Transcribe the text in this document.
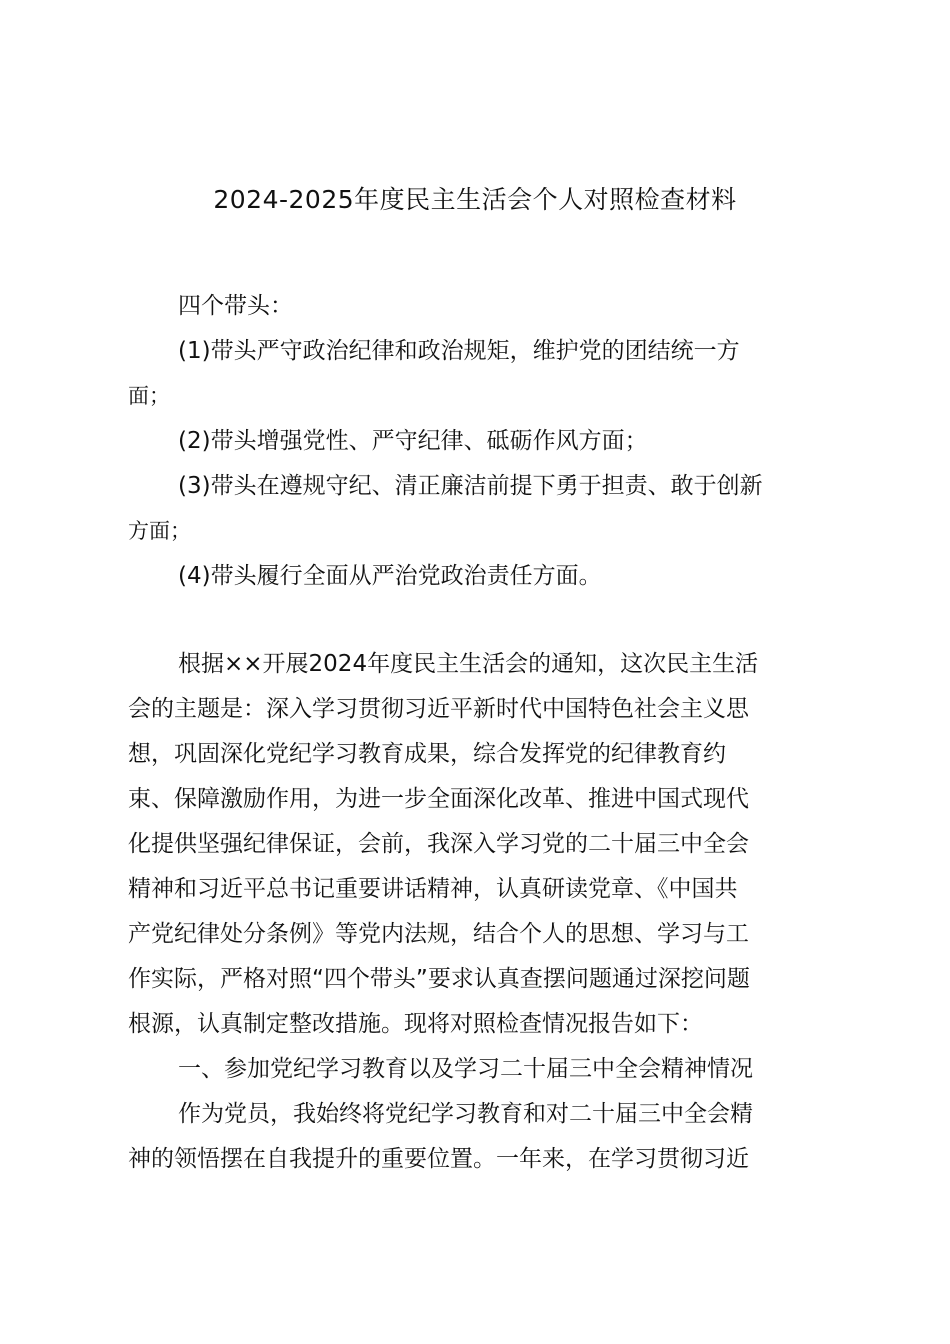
2024-2025年度民主生活会个人对照检查材料
四个带头：
(1)带头严守政治纪律和政治规矩，维护党的团结统一方
面；
(2)带头增强党性、严守纪律、砥砺作风方面；
(3)带头在遵规守纪、清正廉洁前提下勇于担责、敢于创新
方面；
(4)带头履行全面从严治党政治责任方面。
根据××开展2024年度民主生活会的通知，这次民主生活
会的主题是：深入学习贯彻习近平新时代中国特色社会主义思
想，巩固深化党纪学习教育成果，综合发挥党的纪律教育约
束、保障激励作用，为进一步全面深化改革、推进中国式现代
化提供坚强纪律保证，会前，我深入学习党的二十届三中全会
精神和习近平总书记重要讲话精神，认真研读党章、《中国共
产党纪律处分条例》等党内法规，结合个人的思想、学习与工
作实际，严格对照“四个带头”要求认真查摆问题通过深挖问题
根源，认真制定整改措施。现将对照检查情况报告如下：
一、参加党纪学习教育以及学习二十届三中全会精神情况
作为党员，我始终将党纪学习教育和对二十届三中全会精
神的领悟摆在自我提升的重要位置。一年来，在学习贯彻习近
